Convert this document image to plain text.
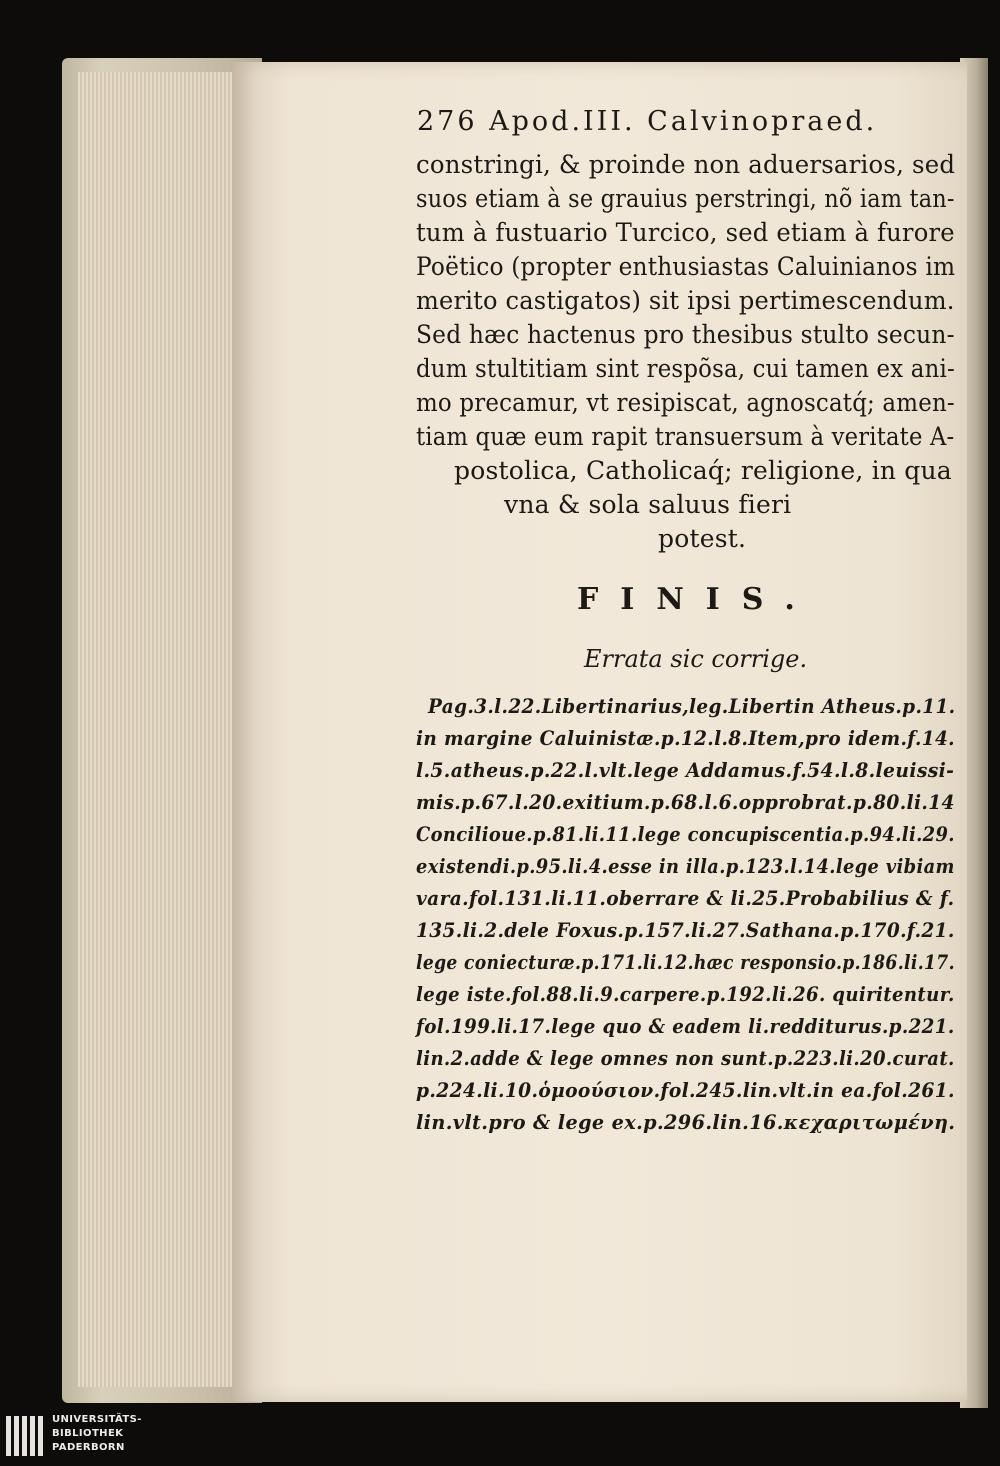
276 Apod.III. Calvinopraed.
constringi, & proinde non aduersarios, sed
suos etiam à se grauius perstringi, nõ iam tan-
tum à fustuario Turcico, sed etiam à furore
Poëtico (propter enthusiastas Caluinianos im
merito castigatos) sit ipsi pertimescendum.
Sed hæc hactenus pro thesibus stulto secun-
dum stultitiam sint respõsa, cui tamen ex ani-
mo precamur, vt resipiscat, agnoscatq́; amen-
tiam quæ eum rapit transuersum à veritate A-
postolica, Catholicaq́; religione, in qua
vna & sola saluus fieri
potest.
FINIS.
Errata sic corrige.
Pag.3.l.22.Libertinarius,leg.Libertin Atheus.p.11.
in margine Caluinistæ.p.12.l.8.Item,pro idem.f.14.
l.5.atheus.p.22.l.vlt.lege Addamus.f.54.l.8.leuissi-
mis.p.67.l.20.exitium.p.68.l.6.opprobrat.p.80.li.14
Concilioue.p.81.li.11.lege concupiscentia.p.94.li.29.
existendi.p.95.li.4.esse in illa.p.123.l.14.lege vibiam
vara.fol.131.li.11.oberrare & li.25.Probabilius & f.
135.li.2.dele Foxus.p.157.li.27.Sathana.p.170.f.21.
lege coniecturæ.p.171.li.12.hæc responsio.p.186.li.17.
lege iste.fol.88.li.9.carpere.p.192.li.26. quiritentur.
fol.199.li.17.lege quo & eadem li.redditurus.p.221.
lin.2.adde & lege omnes non sunt.p.223.li.20.curat.
p.224.li.10.ὁμοούσιον.fol.245.lin.vlt.in ea.fol.261.
lin.vlt.pro & lege ex.p.296.lin.16.κεχαριτωμένη.
UNIVERSITÄTS-
BIBLIOTHEK
PADERBORN
